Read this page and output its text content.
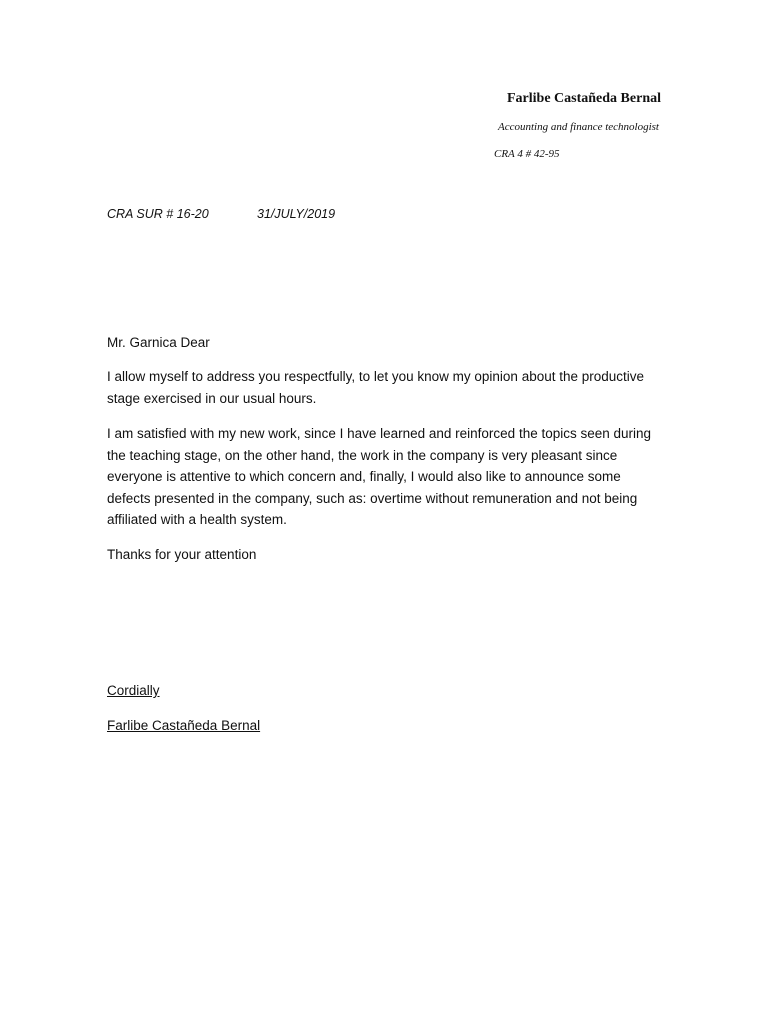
Farlibe Castañeda Bernal
Accounting and finance technologist
CRA 4 # 42-95
CRA SUR # 16-20	31/JULY/2019

Mr. Garnica Dear

I allow myself to address you respectfully, to let you know my opinion about the productive stage exercised in our usual hours.

I am satisfied with my new work, since I have learned and reinforced the topics seen during the teaching stage, on the other hand, the work in the company is very pleasant since everyone is attentive to which concern and, finally, I would also like to announce some defects presented in the company, such as: overtime without remuneration and not being affiliated with a health system.

Thanks for your attention

Cordially
Farlibe Castañeda Bernal
